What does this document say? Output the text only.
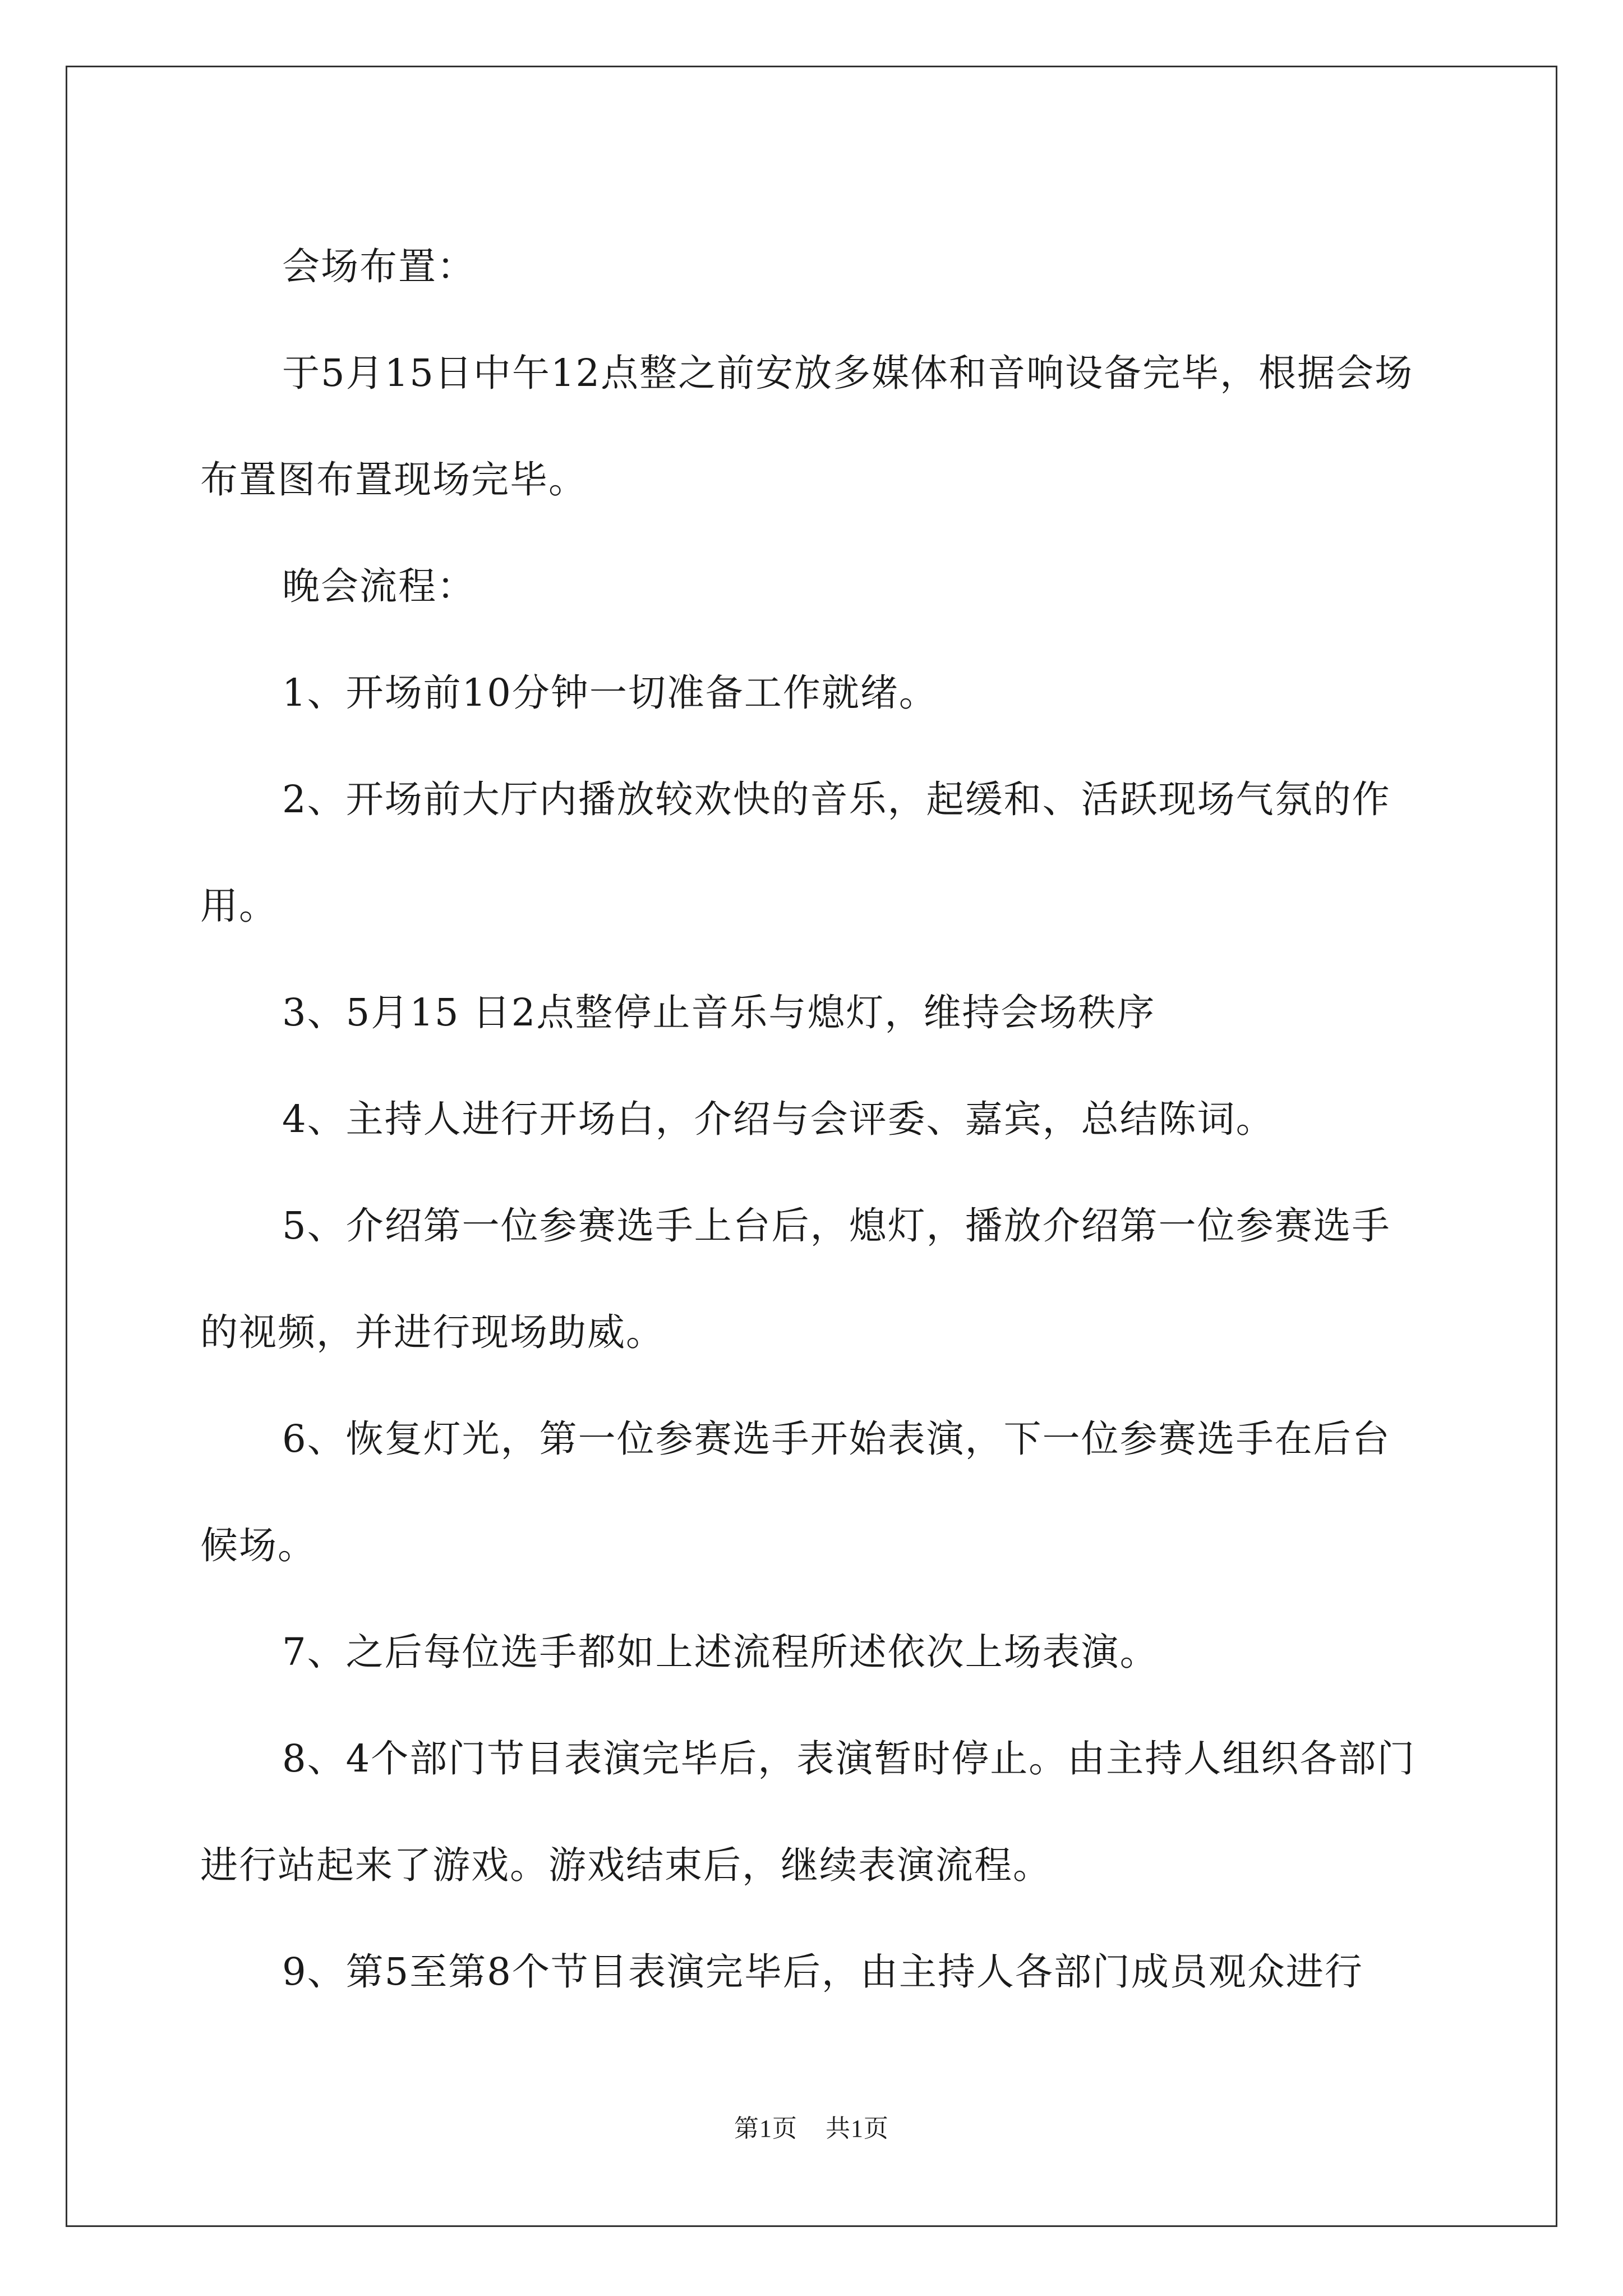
会场布置：

于5月15日中午12点整之前安放多媒体和音响设备完毕，根据会场布置图布置现场完毕。

晚会流程：

1、开场前10分钟一切准备工作就绪。

2、开场前大厅内播放较欢快的音乐，起缓和、活跃现场气氛的作用。

3、5月15 日2点整停止音乐与熄灯，维持会场秩序

4、主持人进行开场白，介绍与会评委、嘉宾，总结陈词。

5、介绍第一位参赛选手上台后，熄灯，播放介绍第一位参赛选手的视频，并进行现场助威。

6、恢复灯光，第一位参赛选手开始表演，下一位参赛选手在后台候场。

7、之后每位选手都如上述流程所述依次上场表演。

8、4个部门节目表演完毕后，表演暂时停止。由主持人组织各部门进行站起来了游戏。游戏结束后，继续表演流程。

9、第5至第8个节目表演完毕后，由主持人各部门成员观众进行

第1页 共1页
